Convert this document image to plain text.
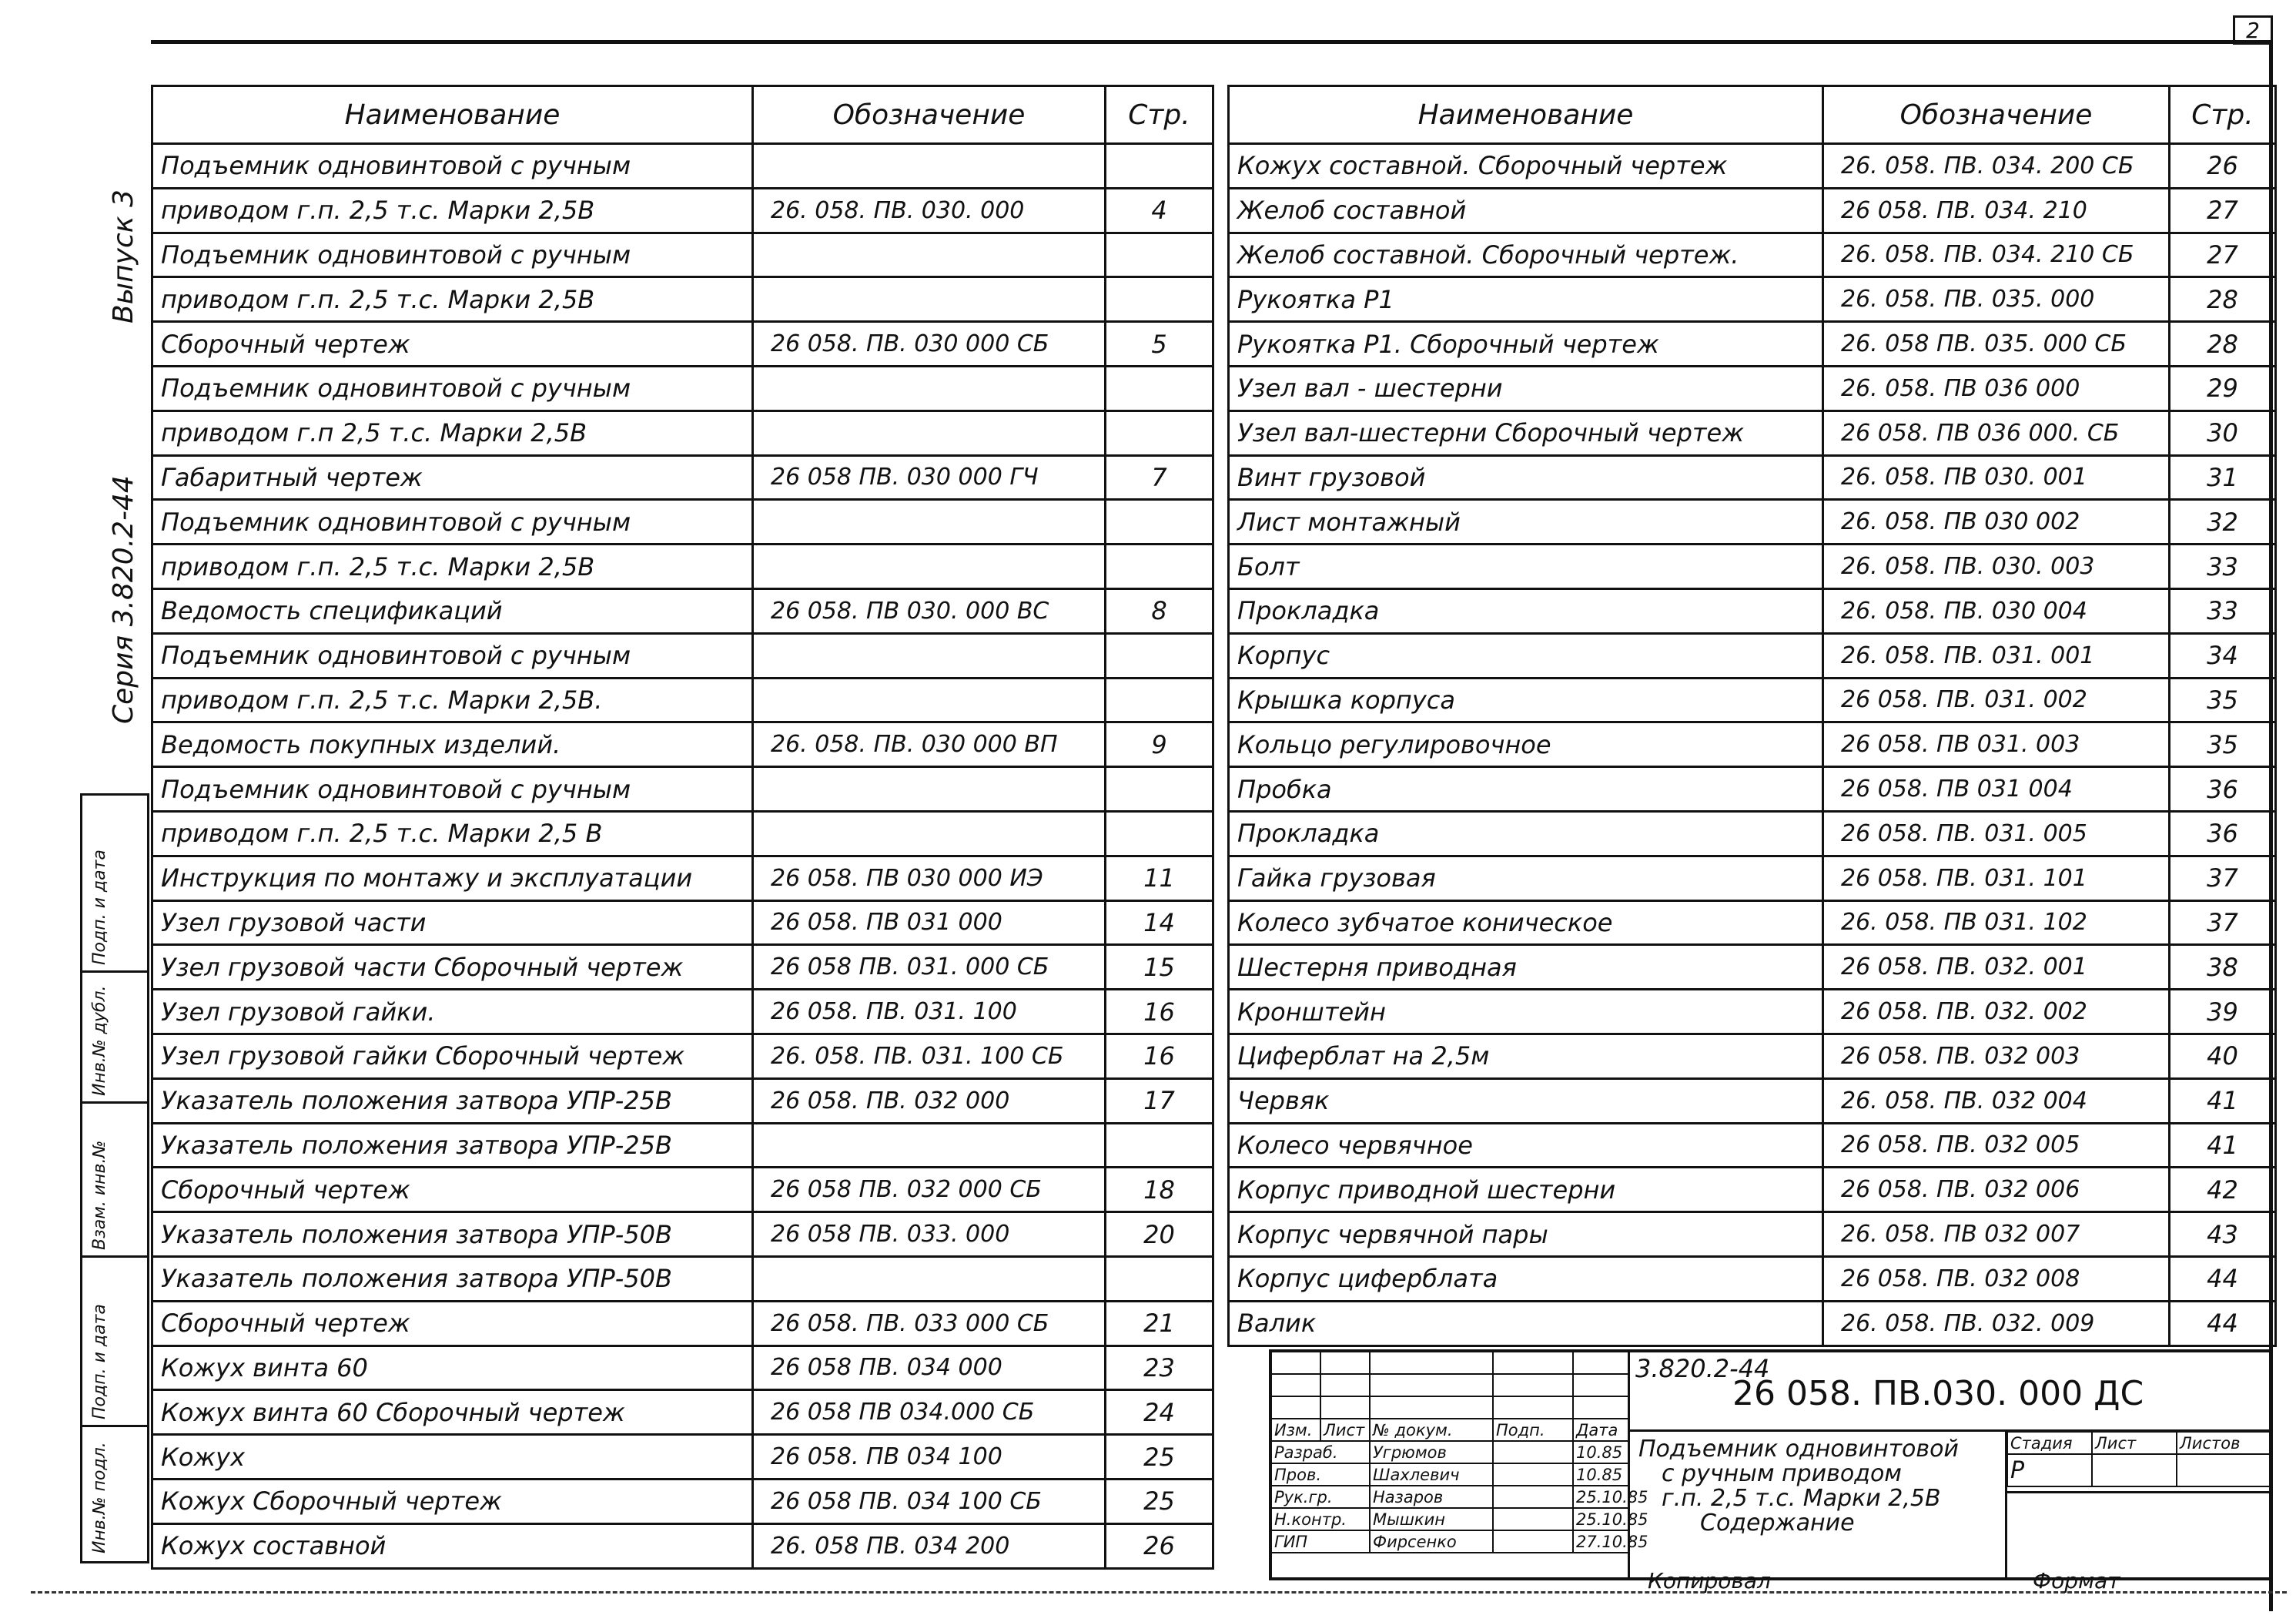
2
Выпуск 3
Серия 3.820.2-44
Подп. и дата
Инв.№ дубл.
Взам. инв.№
Подп. и дата
Инв.№ подл.
Наименование	Обозначение	Стр.
Подъемник одновинтовой с ручным		
приводом г.п. 2,5 т.с. Марки 2,5В	26. 058. ПВ. 030. 000	4
Подъемник одновинтовой с ручным		
приводом г.п. 2,5 т.с. Марки 2,5В		
Сборочный чертеж	26 058. ПВ. 030 000 СБ	5
Подъемник одновинтовой с ручным		
приводом г.п 2,5 т.с. Марки 2,5В		
Габаритный чертеж	26 058 ПВ. 030 000 ГЧ	7
Подъемник одновинтовой с ручным		
приводом г.п. 2,5 т.с. Марки 2,5В		
Ведомость спецификаций	26 058. ПВ 030. 000 ВС	8
Подъемник одновинтовой с ручным		
приводом г.п. 2,5 т.с. Марки 2,5В.		
Ведомость покупных изделий.	26. 058. ПВ. 030 000 ВП	9
Подъемник одновинтовой с ручным		
приводом г.п. 2,5 т.с. Марки 2,5 В		
Инструкция по монтажу и эксплуатации	26 058. ПВ 030 000 ИЭ	11
Узел грузовой части	26 058. ПВ 031 000	14
Узел грузовой части Сборочный чертеж	26 058 ПВ. 031. 000 СБ	15
Узел грузовой гайки.	26 058. ПВ. 031. 100	16
Узел грузовой гайки Сборочный чертеж	26. 058. ПВ. 031. 100 СБ	16
Указатель положения затвора УПР-25В	26 058. ПВ. 032 000	17
Указатель положения затвора УПР-25В		
Сборочный чертеж	26 058 ПВ. 032 000 СБ	18
Указатель положения затвора УПР-50В	26 058 ПВ. 033. 000	20
Указатель положения затвора УПР-50В		
Сборочный чертеж	26 058. ПВ. 033 000 СБ	21
Кожух винта 60	26 058 ПВ. 034 000	23
Кожух винта 60 Сборочный чертеж	26 058 ПВ 034.000 СБ	24
Кожух	26 058. ПВ 034 100	25
Кожух Сборочный чертеж	26 058 ПВ. 034 100 СБ	25
Кожух составной	26. 058 ПВ. 034 200	26
Наименование	Обозначение	Стр.
Кожух составной. Сборочный чертеж	26. 058. ПВ. 034. 200 СБ	26
Желоб составной	26 058. ПВ. 034. 210	27
Желоб составной. Сборочный чертеж.	26. 058. ПВ. 034. 210 СБ	27
Рукоятка Р1	26. 058. ПВ. 035. 000	28
Рукоятка Р1. Сборочный чертеж	26. 058 ПВ. 035. 000 СБ	28
Узел вал - шестерни	26. 058. ПВ 036 000	29
Узел вал-шестерни Сборочный чертеж	26 058. ПВ 036 000. СБ	30
Винт грузовой	26. 058. ПВ 030. 001	31
Лист монтажный	26. 058. ПВ 030 002	32
Болт	26. 058. ПВ. 030. 003	33
Прокладка	26. 058. ПВ. 030 004	33
Корпус	26. 058. ПВ. 031. 001	34
Крышка корпуса	26 058. ПВ. 031. 002	35
Кольцо регулировочное	26 058. ПВ 031. 003	35
Пробка	26 058. ПВ 031 004	36
Прокладка	26 058. ПВ. 031. 005	36
Гайка грузовая	26 058. ПВ. 031. 101	37
Колесо зубчатое коническое	26. 058. ПВ 031. 102	37
Шестерня приводная	26 058. ПВ. 032. 001	38
Кронштейн	26 058. ПВ. 032. 002	39
Циферблат на 2,5м	26 058. ПВ. 032 003	40
Червяк	26. 058. ПВ. 032 004	41
Колесо червячное	26 058. ПВ. 032 005	41
Корпус приводной шестерни	26 058. ПВ. 032 006	42
Корпус червячной пары	26. 058. ПВ 032 007	43
Корпус циферблата	26 058. ПВ. 032 008	44
Валик	26. 058. ПВ. 032. 009	44

Изм.	Лист	№ докум.	Подп.	Дата
Разраб.		Угрюмов		10.85
Пров.		Шахлевич		10.85
Рук.гр.		Назаров		25.10.85
Н.контр.		Мышкин		25.10.85
ГИП		Фирсенко		27.10.85
3.820.2-44
26 058. ПВ.030. 000 ДС
Подъемник одновинтовой
с ручным приводом
г.п. 2,5 т.с. Марки 2,5В
Содержание
Стадия	Лист	Листов
Р		
Копировал	Формат
